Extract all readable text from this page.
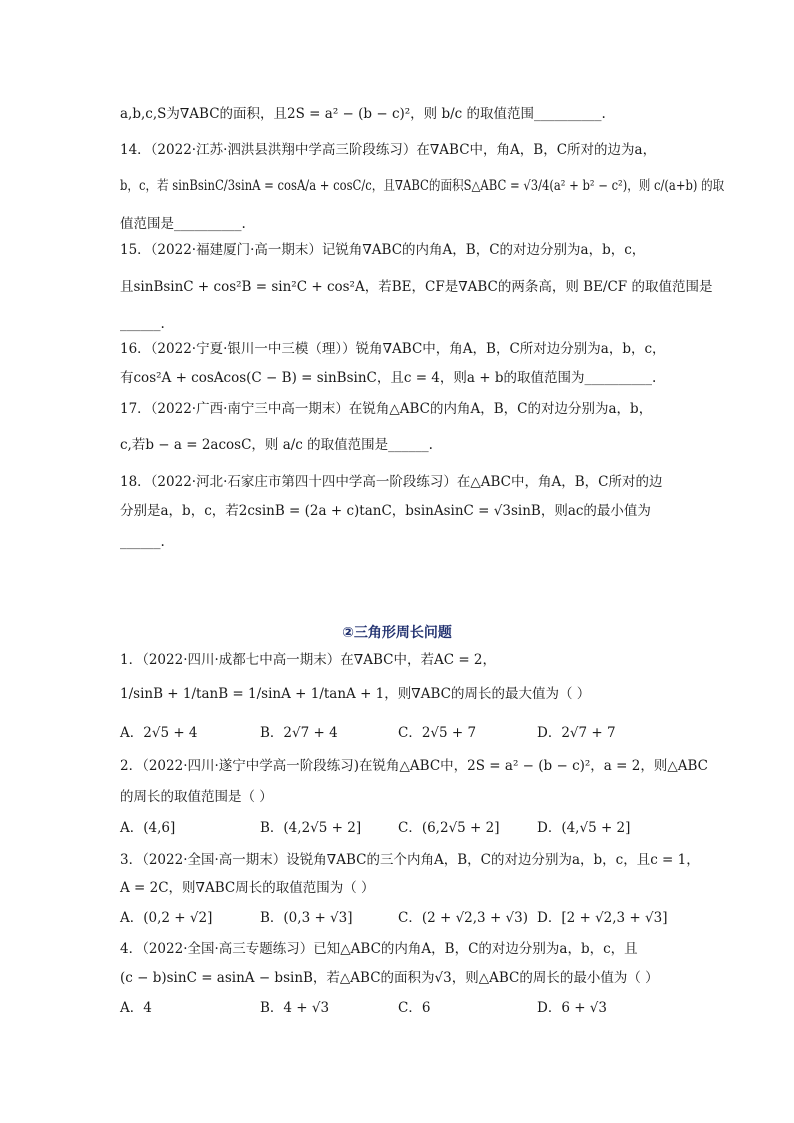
a,b,c,S为∇ABC的面积，且2S = a² − (b − c)²，则 b/c 的取值范围__________.
14．（2022·江苏·泗洪县洪翔中学高三阶段练习）在∇ABC中，角A，B，C所对的边为a，
b，c，若 sinBsinC/3sinA = cosA/a + cosC/c，且∇ABC的面积S△ABC = √3/4(a² + b² − c²)，则 c/(a+b) 的取
值范围是__________.
15．（2022·福建厦门·高一期末）记锐角∇ABC的内角A，B，C的对边分别为a，b，c，
且sinBsinC + cos²B = sin²C + cos²A，若BE，CF是∇ABC的两条高，则 BE/CF 的取值范围是
______.
16．（2022·宁夏·银川一中三模（理））锐角∇ABC中，角A，B，C所对边分别为a，b，c，
有cos²A + cosAcos(C − B) = sinBsinC，且c = 4，则a + b的取值范围为__________.
17．（2022·广西·南宁三中高一期末）在锐角△ABC的内角A，B，C的对边分别为a，b，
c,若b − a = 2acosC，则 a/c 的取值范围是______.
18．（2022·河北·石家庄市第四十四中学高一阶段练习）在△ABC中，角A，B，C所对的边
分别是a，b，c，若2csinB = (2a + c)tanC，bsinAsinC = √3sinB，则ac的最小值为
______.
②三角形周长问题
1．（2022·四川·成都七中高一期末）在∇ABC中，若AC = 2，
1/sinB + 1/tanB = 1/sinA + 1/tanA + 1，则∇ABC的周长的最大值为（ ）
A．2√5 + 4	B．2√7 + 4	C．2√5 + 7	D．2√7 + 7
2．（2022·四川·遂宁中学高一阶段练习)在锐角△ABC中，2S = a² − (b − c)²，a = 2，则△ABC
的周长的取值范围是（ ）
A．(4,6]	B．(4,2√5 + 2]	C．(6,2√5 + 2]	D．(4,√5 + 2]
3．（2022·全国·高一期末）设锐角∇ABC的三个内角A，B，C的对边分别为a，b，c，且c = 1，
A = 2C，则∇ABC周长的取值范围为（ ）
A．(0,2 + √2]	B．(0,3 + √3]	C．(2 + √2,3 + √3) D．[2 + √2,3 + √3]
4．（2022·全国·高三专题练习）已知△ABC的内角A，B，C的对边分别为a，b，c，且
(c − b)sinC = asinA − bsinB，若△ABC的面积为√3，则△ABC的周长的最小值为（ ）
A．4	B．4 + √3	C．6	D．6 + √3
